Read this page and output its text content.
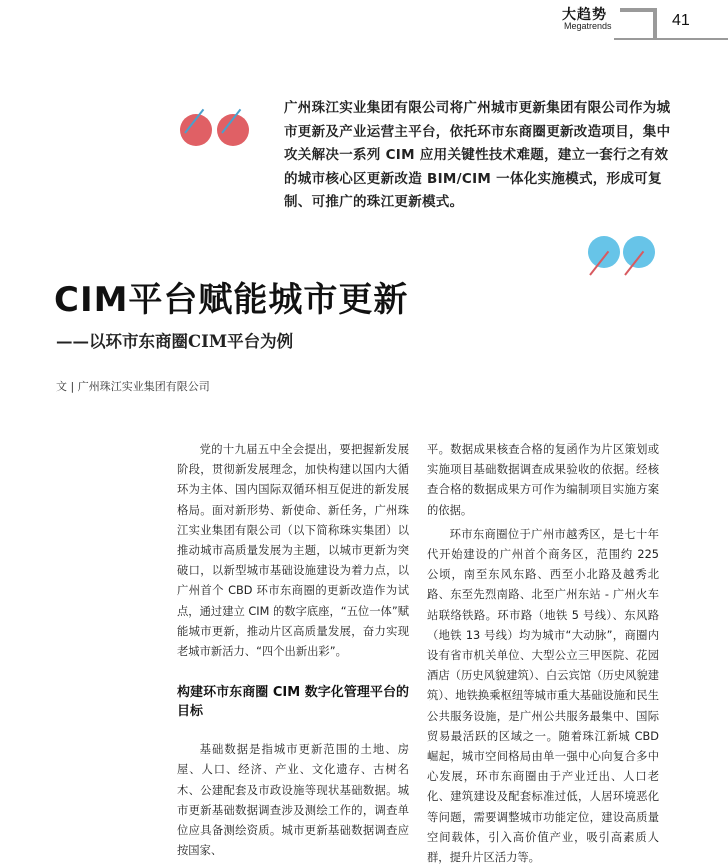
大趋势
Megatrends	41
广州珠江实业集团有限公司将广州城市更新集团有限公司作为城市更新及产业运营主平台，依托环市东商圈更新改造项目，集中攻关解决一系列 CIM 应用关键性技术难题，建立一套行之有效的城市核心区更新改造 BIM/CIM 一体化实施模式，形成可复制、可推广的珠江更新模式。
CIM平台赋能城市更新
——以环市东商圈CIM平台为例
文 | 广州珠江实业集团有限公司

党的十九届五中全会提出，要把握新发展阶段，贯彻新发展理念，加快构建以国内大循环为主体、国内国际双循环相互促进的新发展格局。面对新形势、新使命、新任务，广州珠江实业集团有限公司（以下简称珠实集团）以推动城市高质量发展为主题，以城市更新为突破口，以新型城市基础设施建设为着力点，以广州首个 CBD 环市东商圈的更新改造作为试点，通过建立 CIM 的数字底座，“五位一体”赋能城市更新，推动片区高质量发展，奋力实现老城市新活力、“四个出新出彩”。

构建环市东商圈 CIM 数字化管理平台的目标

基础数据是指城市更新范围的土地、房屋、人口、经济、产业、文化遗存、古树名木、公建配套及市政设施等现状基础数据。城市更新基础数据调查涉及测绘工作的，调查单位应具备测绘资质。城市更新基础数据调查应按国家、

平。数据成果核查合格的复函作为片区策划或实施项目基础数据调查成果验收的依据。经核查合格的数据成果方可作为编制项目实施方案的依据。

环市东商圈位于广州市越秀区，是七十年代开始建设的广州首个商务区，范围约 225 公顷，南至东风东路、西至小北路及越秀北路、东至先烈南路、北至广州东站 - 广州火车站联络铁路。环市路（地铁 5 号线）、东风路（地铁 13 号线）均为城市“大动脉”，商圈内设有省市机关单位、大型公立三甲医院、花园酒店（历史风貌建筑）、白云宾馆（历史风貌建筑）、地铁换乘枢纽等城市重大基础设施和民生公共服务设施，是广州公共服务最集中、国际贸易最活跃的区域之一。随着珠江新城 CBD 崛起，城市空间格局由单一强中心向复合多中心发展，环市东商圈由于产业迁出、人口老化、建筑建设及配套标准过低，人居环境恶化等问题，需要调整城市功能定位，建设高质量空间载体，引入高价值产业，吸引高素质人群，提升片区活力等。
